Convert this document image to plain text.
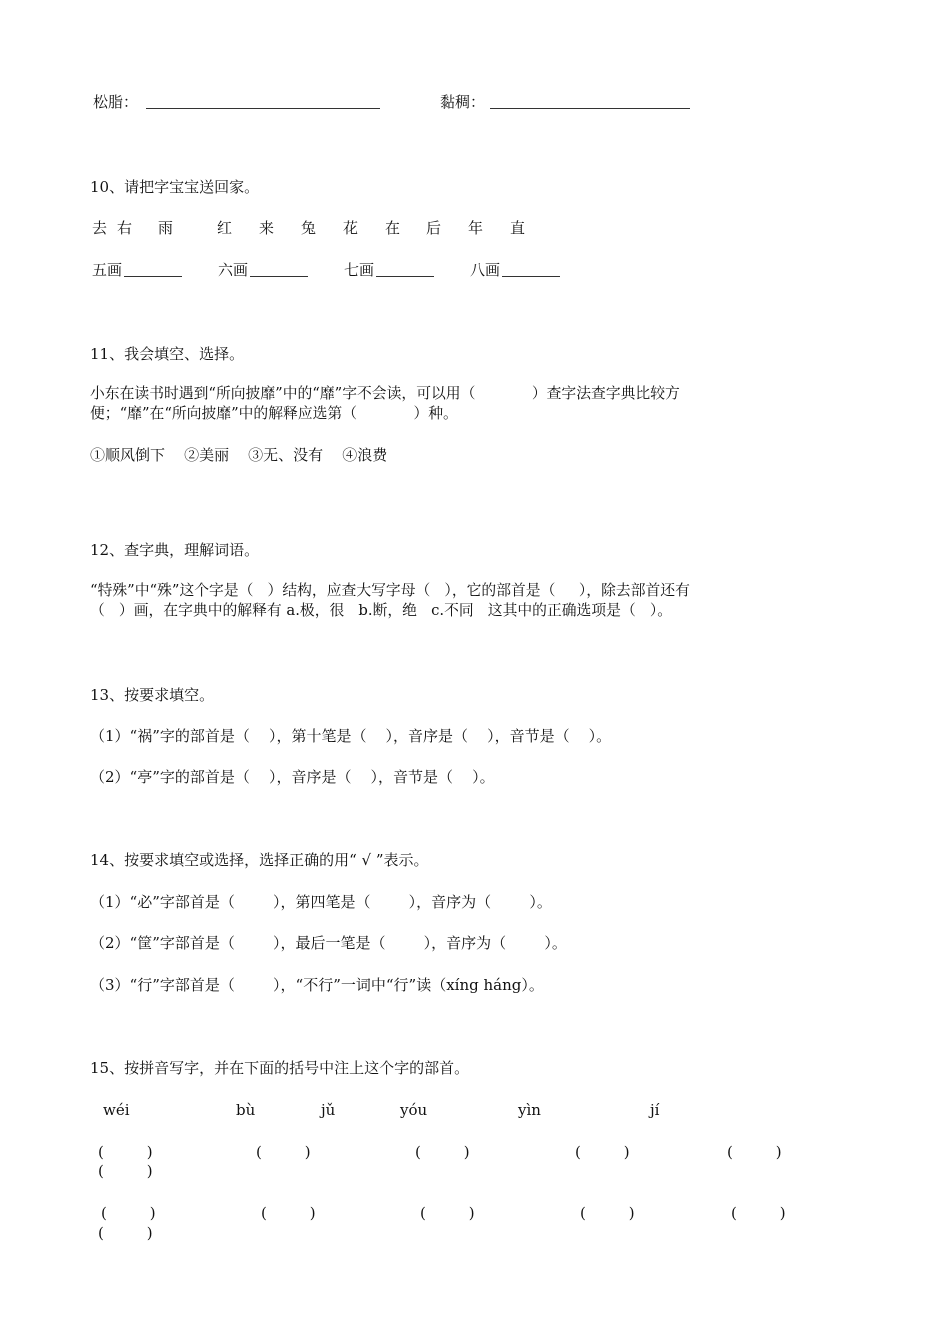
松脂：	黏稠：
10、请把字宝宝送回家。
去 右 雨	红 来 兔 花 在 后 年 直
五画	六画	七画	八画
11、我会填空、选择。
小东在读书时遇到“所向披靡”中的“靡”字不会读，可以用（            ）查字法查字典比较方
便；“靡”在“所向披靡”中的解释应选第（            ）种。
①顺风倒下    ②美丽    ③无、没有    ④浪费
12、查字典，理解词语。
“特殊”中“殊”这个字是（   ）结构，应查大写字母（   ），它的部首是（     ），除去部首还有
（   ）画，在字典中的解释有 a.极，很   b.断，绝   c.不同   这其中的正确选项是（   ）。
13、按要求填空。
（1）“祸”字的部首是（    ），第十笔是（    ），音序是（    ），音节是（    ）。
（2）“亭”字的部首是（    ），音序是（    ），音节是（    ）。
14、按要求填空或选择，选择正确的用“ √ ”表示。
（1）“必”字部首是（        ），第四笔是（        ），音序为（        ）。
（2）“筐”字部首是（        ），最后一笔是（        ），音序为（        ）。
（3）“行”字部首是（        ），“不行”一词中“行”读（xíng háng）。
15、按拼音写字，并在下面的括号中注上这个字的部首。
wéi	bù	jǔ	yóu	yìn	jí
(         )	(         )	(         )	(         )	(         )
(         )
(         )	(         )	(         )	(         )	(         )
(         )
